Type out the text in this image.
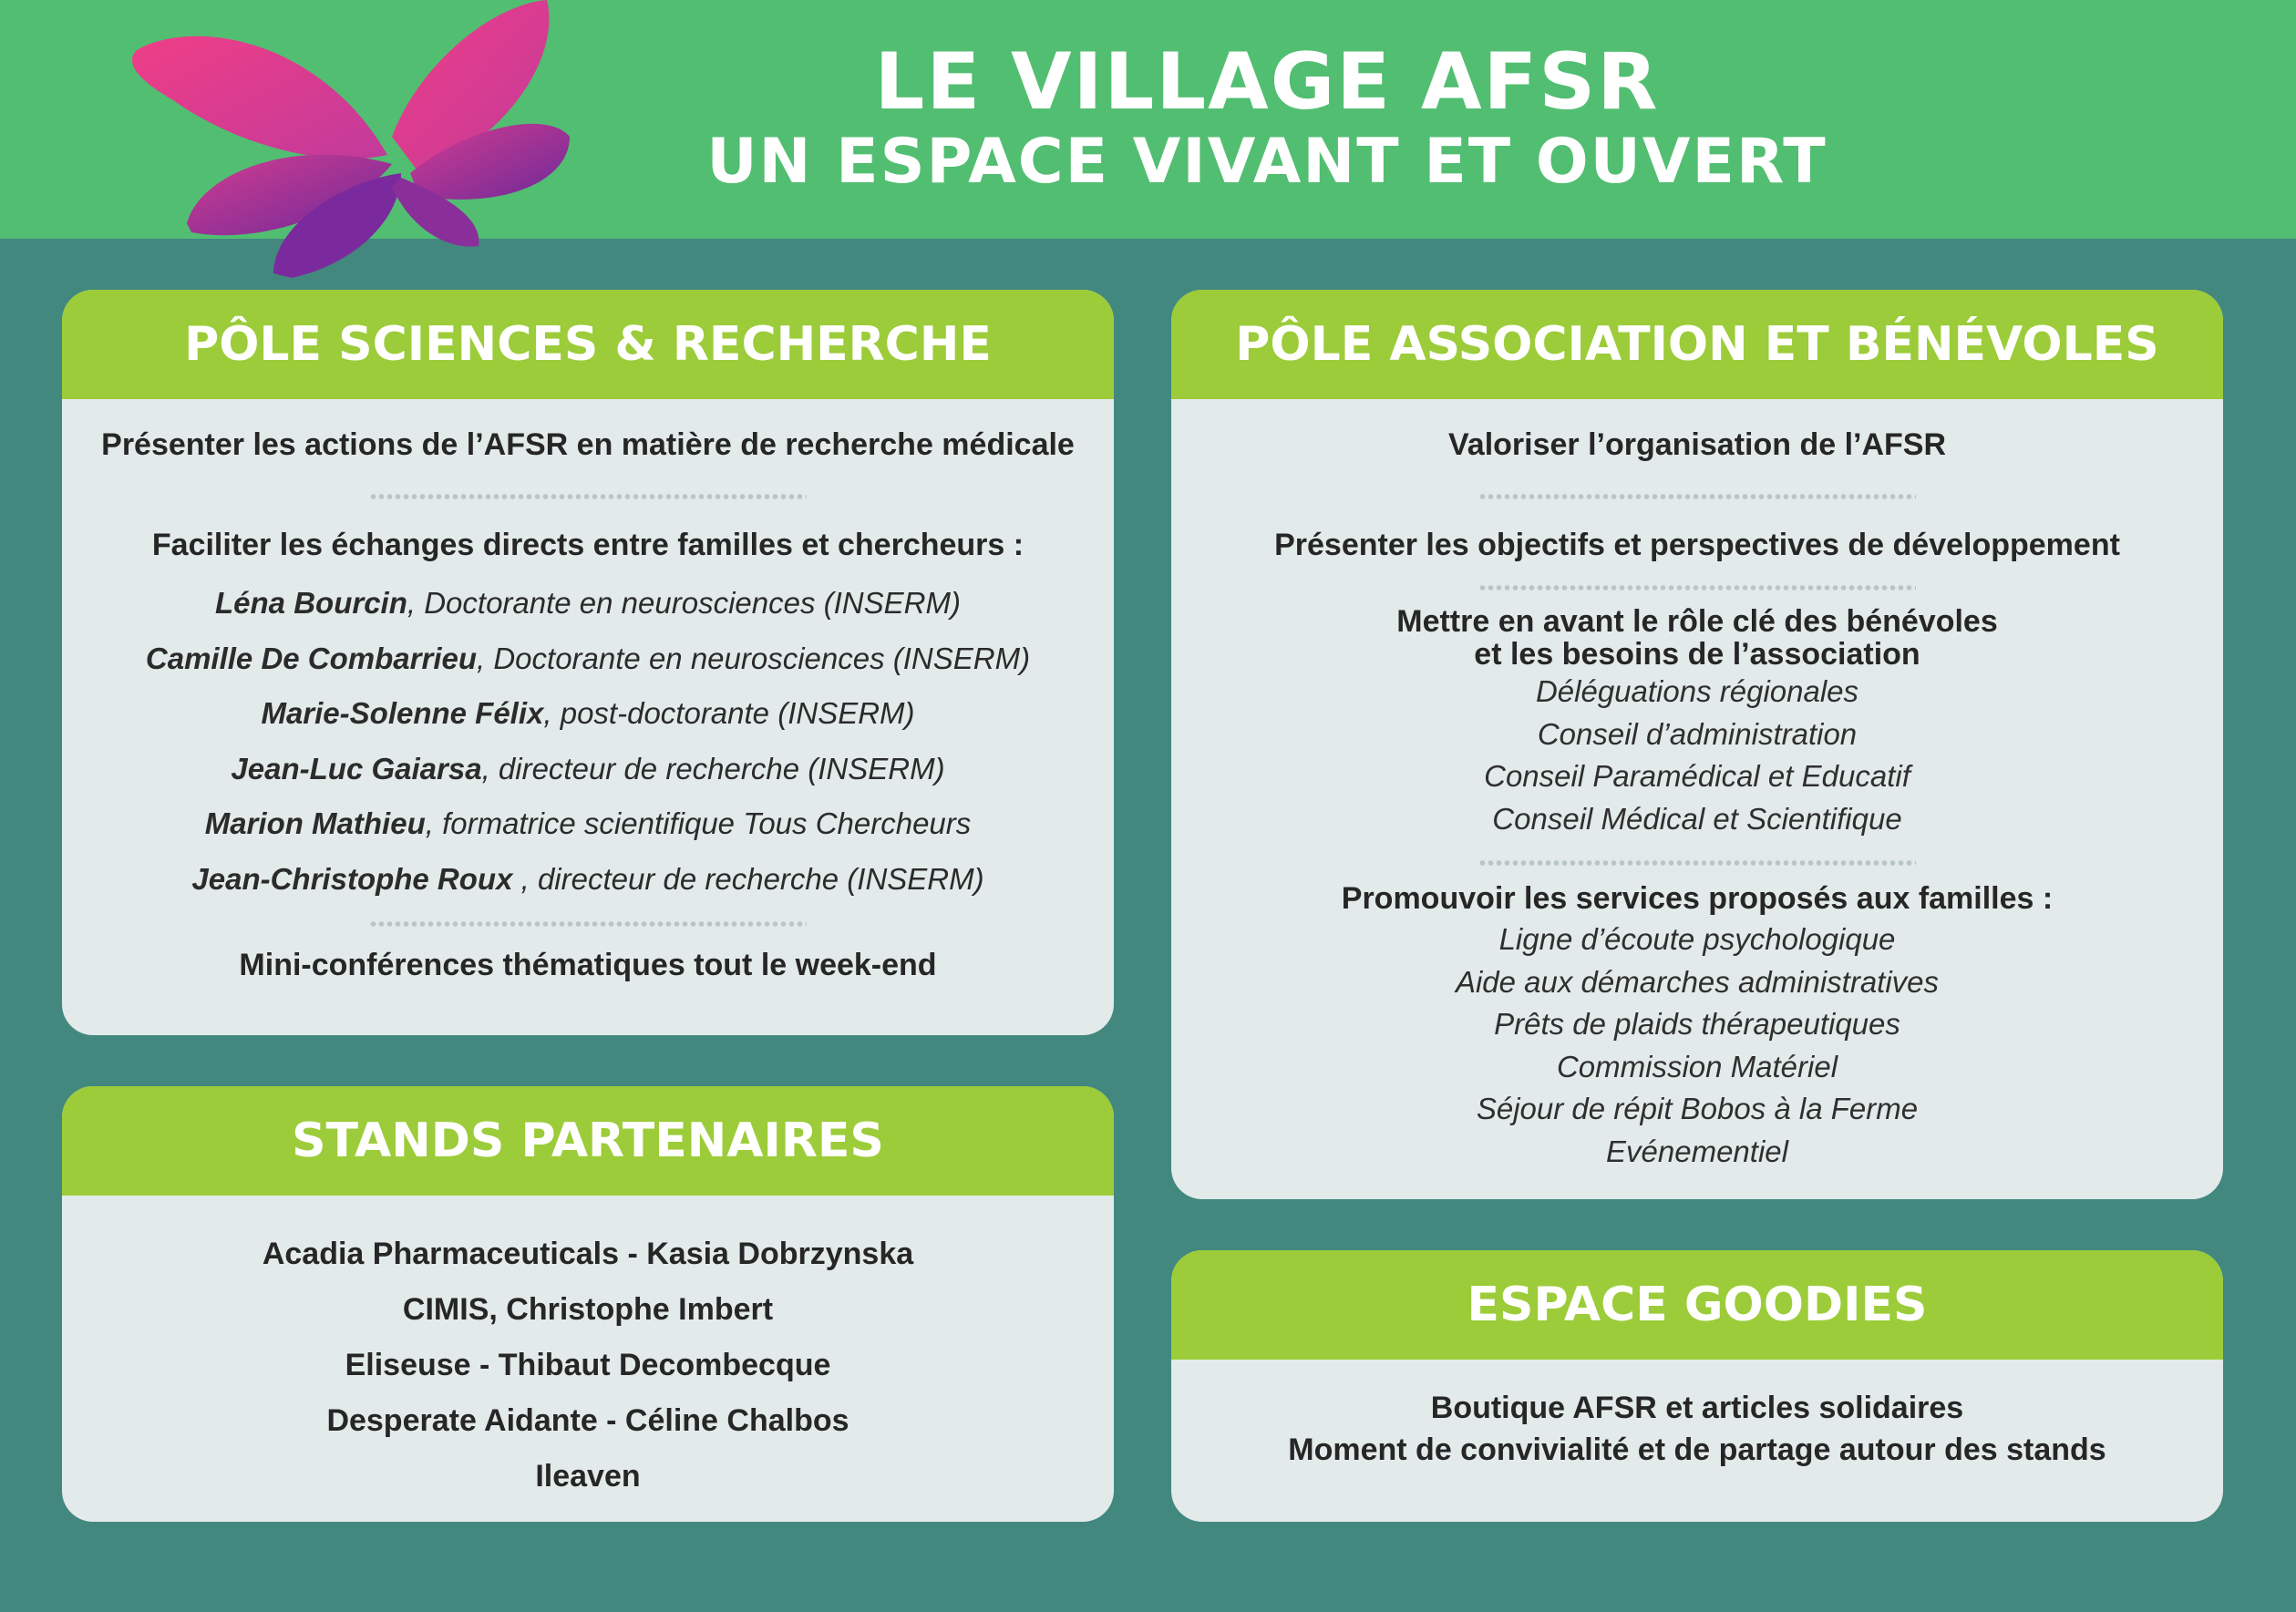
LE VILLAGE AFSR
UN ESPACE VIVANT ET OUVERT
PÔLE SCIENCES & RECHERCHE
Présenter les actions de l’AFSR en matière de recherche médicale
Faciliter les échanges directs entre familles et chercheurs :
Léna Bourcin, Doctorante en neurosciences (INSERM)
Camille De Combarrieu, Doctorante en neurosciences (INSERM)
Marie-Solenne Félix, post-doctorante (INSERM)
Jean-Luc Gaiarsa, directeur de recherche (INSERM)
Marion Mathieu, formatrice scientifique Tous Chercheurs
Jean-Christophe Roux , directeur de recherche (INSERM)
Mini-conférences thématiques tout le week-end
PÔLE ASSOCIATION ET BÉNÉVOLES
Valoriser l’organisation de l’AFSR
Présenter les objectifs et perspectives de développement
Mettre en avant le rôle clé des bénévoles
et les besoins de l’association
Déléguations régionales
Conseil d’administration
Conseil Paramédical et Educatif
Conseil Médical et Scientifique
Promouvoir les services proposés aux familles :
Ligne d’écoute psychologique
Aide aux démarches administratives
Prêts de plaids thérapeutiques
Commission Matériel
Séjour de répit Bobos à la Ferme
Evénementiel
STANDS PARTENAIRES
Acadia Pharmaceuticals - Kasia Dobrzynska
CIMIS, Christophe Imbert
Eliseuse - Thibaut Decombecque
Desperate Aidante - Céline Chalbos
Ileaven
ESPACE GOODIES
Boutique AFSR et articles solidaires
Moment de convivialité et de partage autour des stands
